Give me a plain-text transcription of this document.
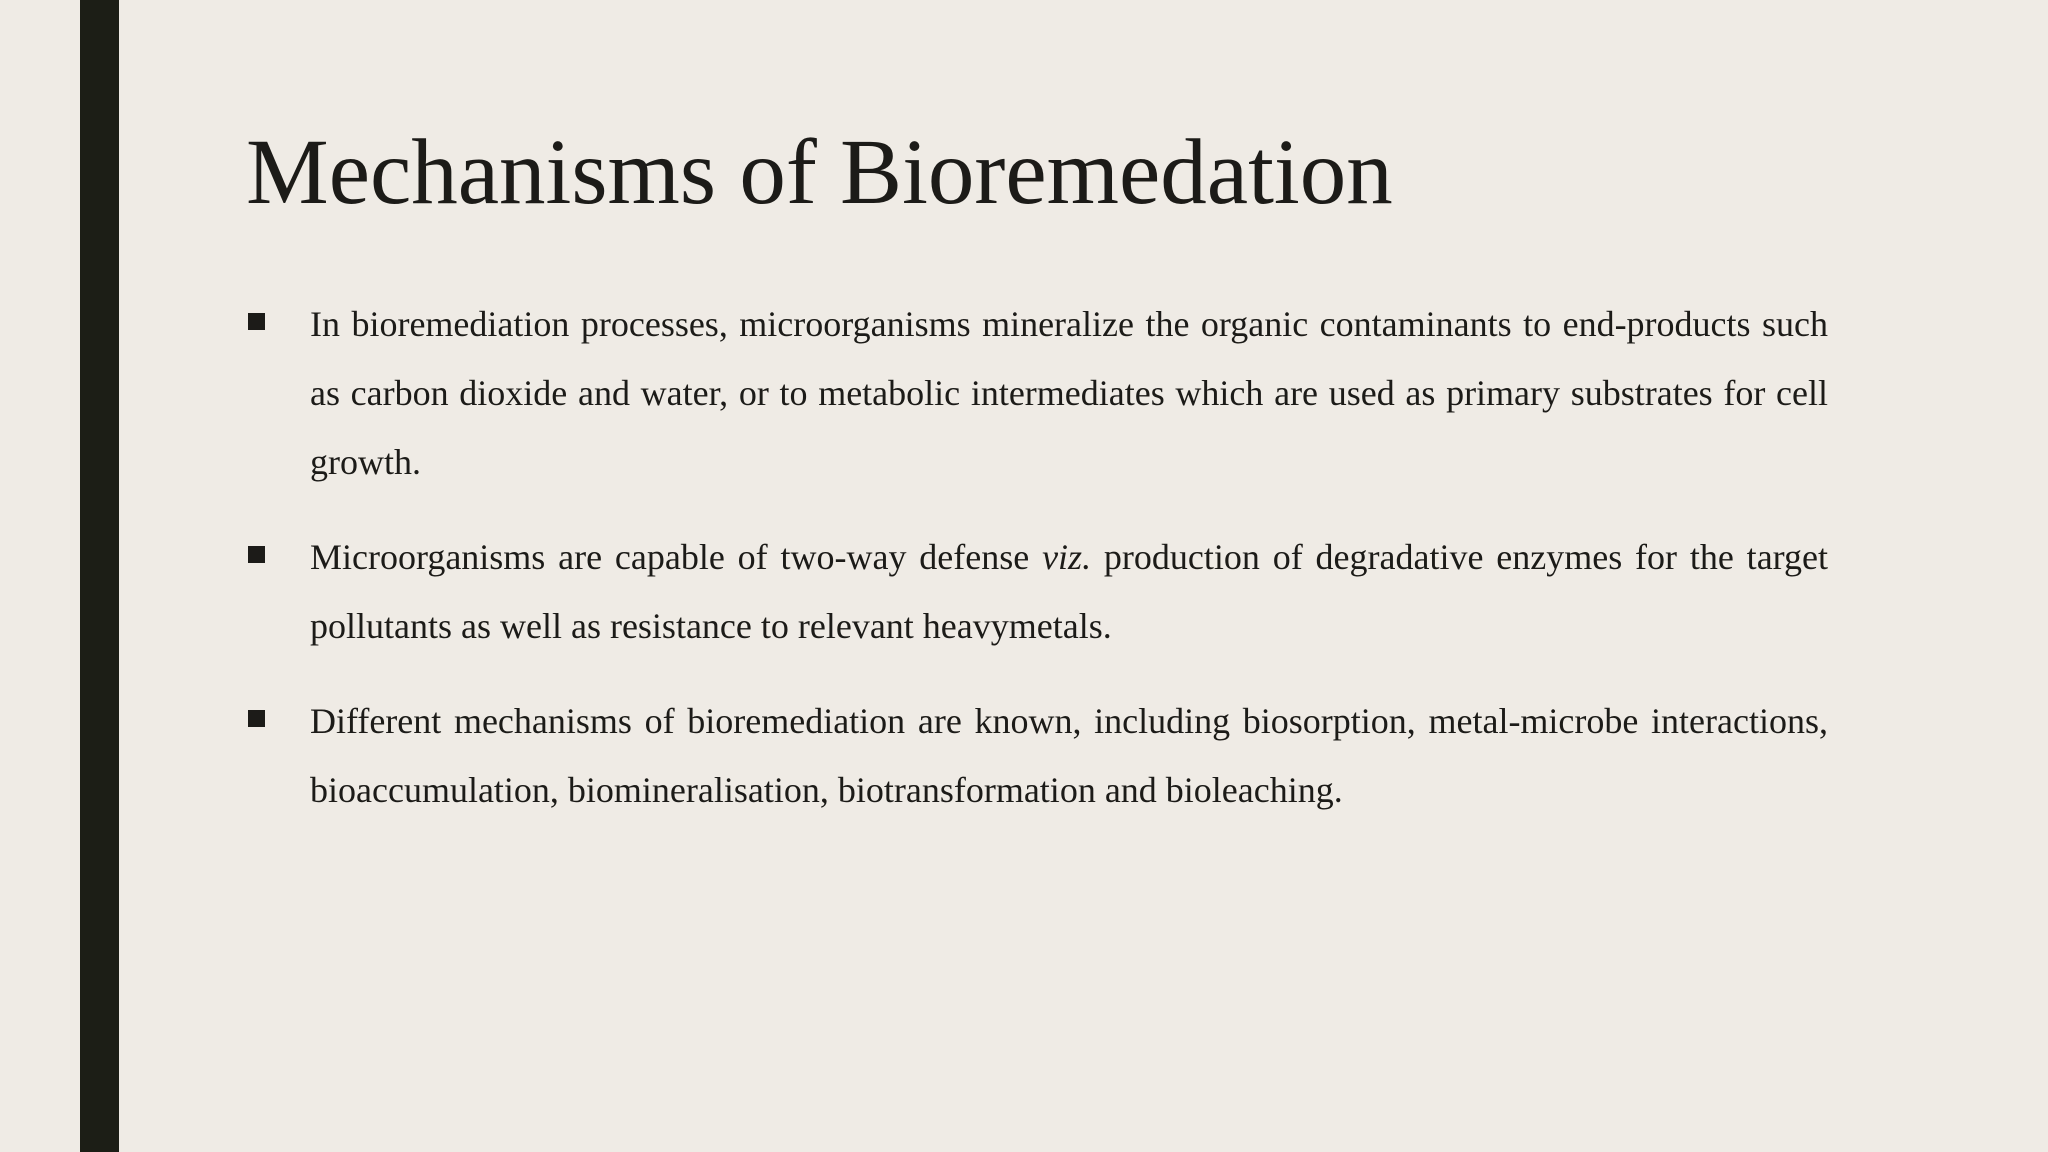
Mechanisms of Bioremedation
In bioremediation processes, microorganisms mineralize the organic contaminants to end-products such as carbon dioxide and water, or to metabolic intermediates which are used as primary substrates for cell growth.
Microorganisms are capable of two-way defense viz. production of degradative enzymes for the target pollutants as well as resistance to relevant heavymetals.
Different mechanisms of bioremediation are known, including biosorption, metal-microbe interactions, bioaccumulation, biomineralisation, biotransformation and bioleaching.
